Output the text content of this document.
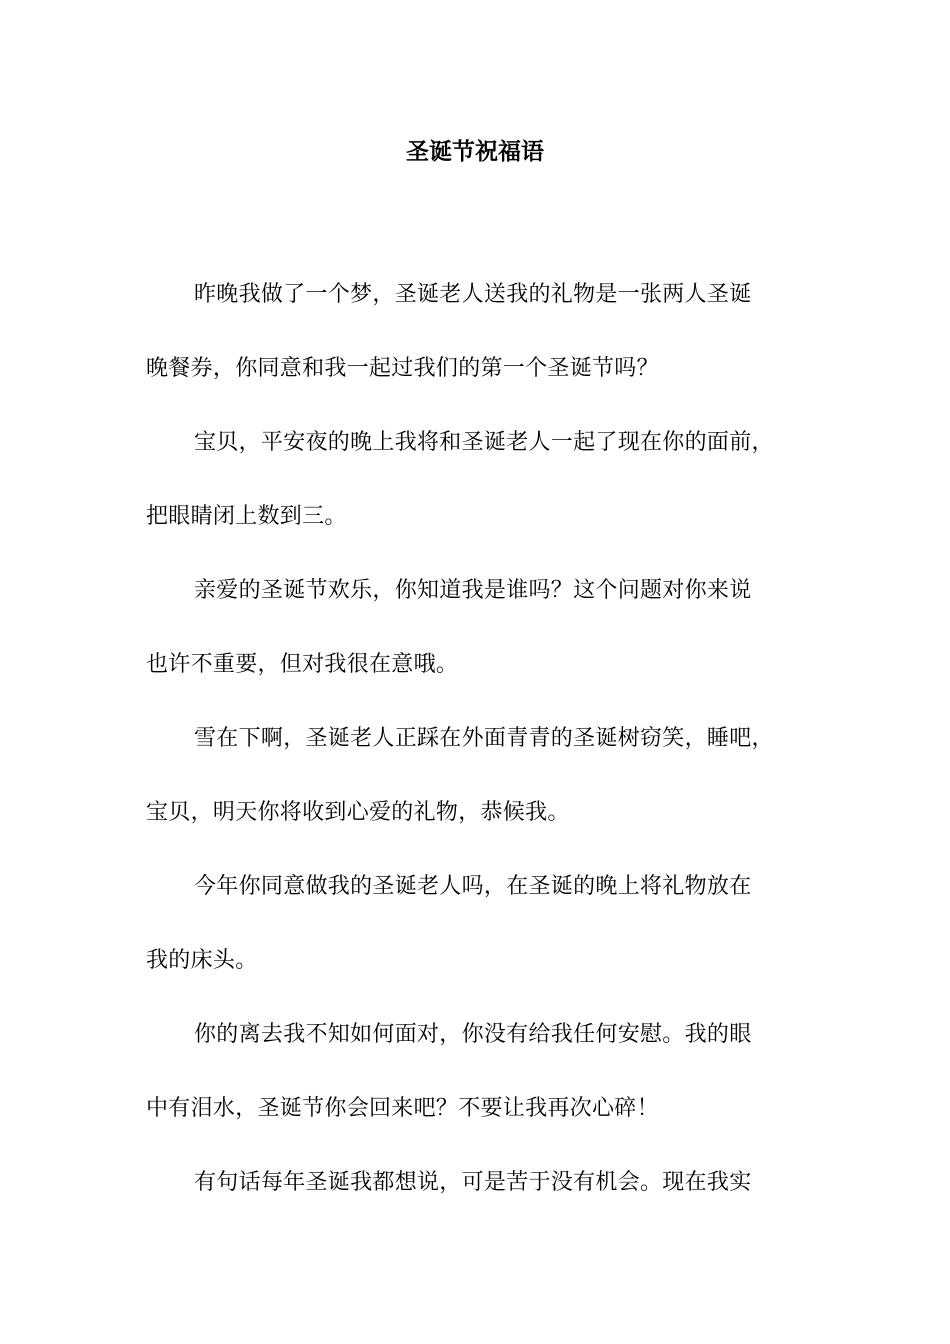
圣诞节祝福语

昨晚我做了一个梦，圣诞老人送我的礼物是一张两人圣诞
晚餐券，你同意和我一起过我们的第一个圣诞节吗？

宝贝，平安夜的晚上我将和圣诞老人一起了现在你的面前，
把眼睛闭上数到三。

亲爱的圣诞节欢乐，你知道我是谁吗？这个问题对你来说
也许不重要，但对我很在意哦。

雪在下啊，圣诞老人正踩在外面青青的圣诞树窃笑，睡吧，
宝贝，明天你将收到心爱的礼物，恭候我。

今年你同意做我的圣诞老人吗，在圣诞的晚上将礼物放在
我的床头。

你的离去我不知如何面对，你没有给我任何安慰。我的眼
中有泪水，圣诞节你会回来吧？不要让我再次心碎！

有句话每年圣诞我都想说，可是苦于没有机会。现在我实
